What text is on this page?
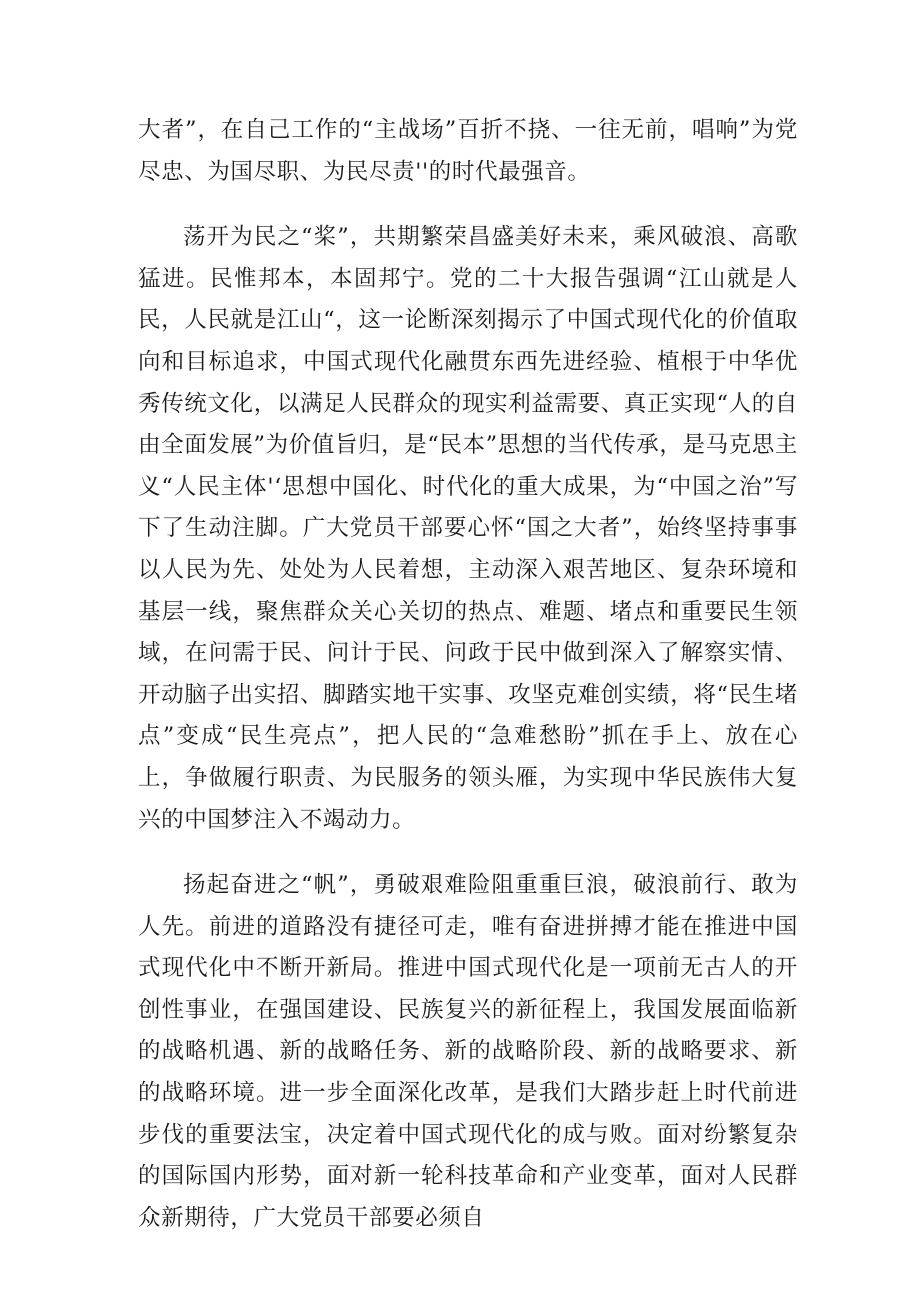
大者”，在自己工作的“主战场”百折不挠、一往无前，唱响”为党尽忠、为国尽职、为民尽责''的时代最强音。

荡开为民之“桨”，共期繁荣昌盛美好未来，乘风破浪、高歌猛进。民惟邦本，本固邦宁。党的二十大报告强调“江山就是人民，人民就是江山“，这一论断深刻揭示了中国式现代化的价值取向和目标追求，中国式现代化融贯东西先进经验、植根于中华优秀传统文化，以满足人民群众的现实利益需要、真正实现“人的自由全面发展”为价值旨归，是“民本”思想的当代传承，是马克思主义“人民主体'‘思想中国化、时代化的重大成果，为“中国之治”写下了生动注脚。广大党员干部要心怀“国之大者”，始终坚持事事以人民为先、处处为人民着想，主动深入艰苦地区、复杂环境和基层一线，聚焦群众关心关切的热点、难题、堵点和重要民生领域，在问需于民、问计于民、问政于民中做到深入了解察实情、开动脑子出实招、脚踏实地干实事、攻坚克难创实绩，将“民生堵点”变成“民生亮点”，把人民的“急难愁盼”抓在手上、放在心上，争做履行职责、为民服务的领头雁，为实现中华民族伟大复兴的中国梦注入不竭动力。

扬起奋进之“帆”，勇破艰难险阻重重巨浪，破浪前行、敢为人先。前进的道路没有捷径可走，唯有奋进拼搏才能在推进中国式现代化中不断开新局。推进中国式现代化是一项前无古人的开创性事业，在强国建设、民族复兴的新征程上，我国发展面临新的战略机遇、新的战略任务、新的战略阶段、新的战略要求、新的战略环境。进一步全面深化改革，是我们大踏步赶上时代前进步伐的重要法宝，决定着中国式现代化的成与败。面对纷繁复杂的国际国内形势，面对新一轮科技革命和产业变革，面对人民群众新期待，广大党员干部要必须自
